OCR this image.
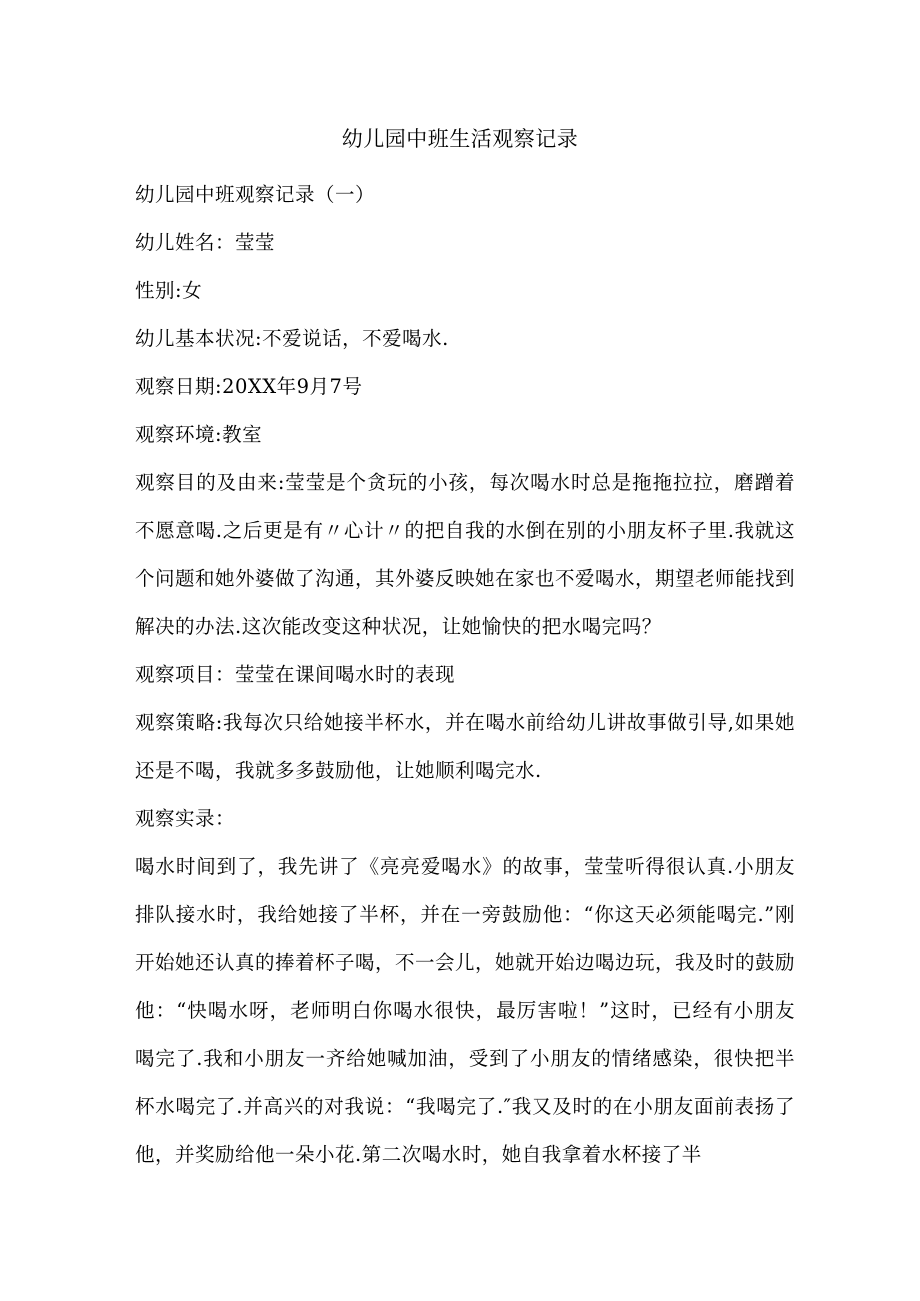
幼儿园中班生活观察记录

幼儿园中班观察记录（一）

幼儿姓名：莹莹

性别:女

幼儿基本状况:不爱说话，不爱喝水.

观察日期:20XX年9月7号

观察环境:教室

观察目的及由来:莹莹是个贪玩的小孩，每次喝水时总是拖拖拉拉，磨蹭着不愿意喝.之后更是有〃心计〃的把自我的水倒在别的小朋友杯子里.我就这个问题和她外婆做了沟通，其外婆反映她在家也不爱喝水，期望老师能找到解决的办法.这次能改变这种状况，让她愉快的把水喝完吗？

观察项目：莹莹在课间喝水时的表现

观察策略:我每次只给她接半杯水，并在喝水前给幼儿讲故事做引导,如果她还是不喝，我就多多鼓励他，让她顺利喝完水.

观察实录：

喝水时间到了，我先讲了《亮亮爱喝水》的故事，莹莹听得很认真.小朋友排队接水时，我给她接了半杯，并在一旁鼓励他：“你这天必须能喝完.”刚开始她还认真的捧着杯子喝，不一会儿，她就开始边喝边玩，我及时的鼓励他：“快喝水呀，老师明白你喝水很快，最厉害啦！”这时，已经有小朋友喝完了.我和小朋友一齐给她喊加油，受到了小朋友的情绪感染，很快把半杯水喝完了.并高兴的对我说：“我喝完了.″我又及时的在小朋友面前表扬了他，并奖励给他一朵小花.第二次喝水时，她自我拿着水杯接了半
